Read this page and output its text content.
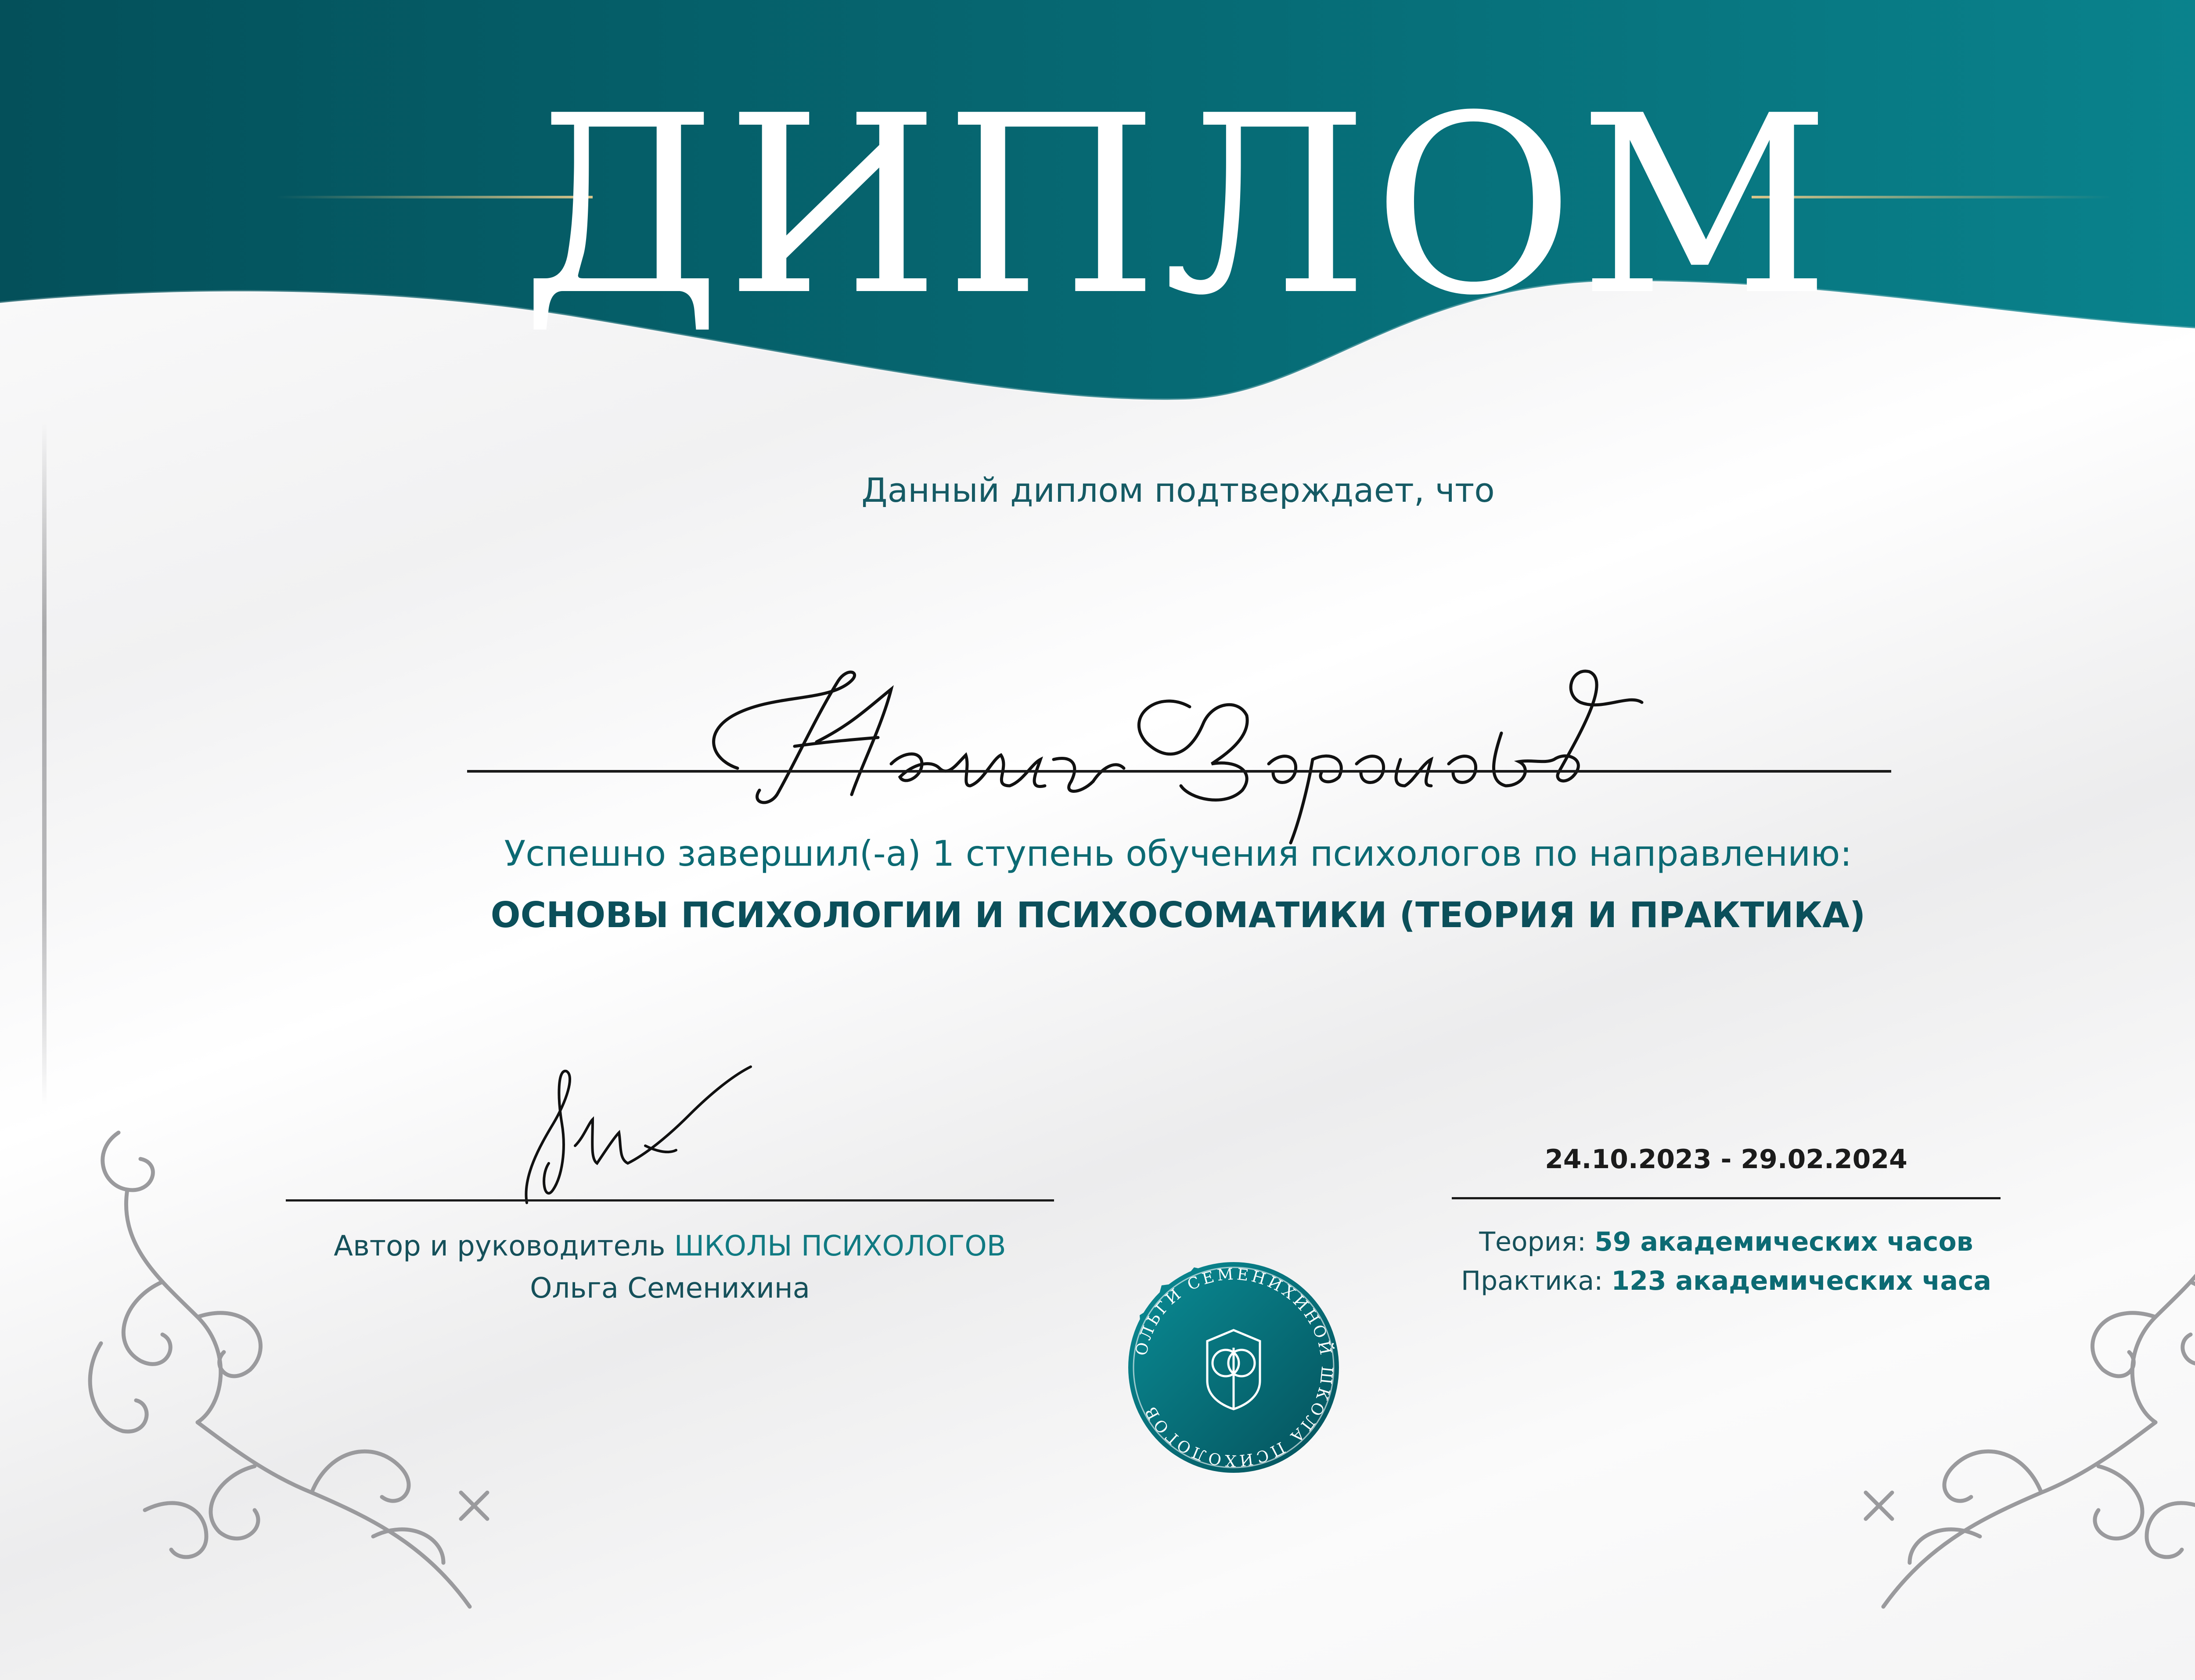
ДИПЛОМ
Данный диплом подтверждает, что
Успешно завершил(-а) 1 ступень обучения психологов по направлению:
ОСНОВЫ ПСИХОЛОГИИ И ПСИХОСОМАТИКИ (ТЕОРИЯ И ПРАКТИКА)
Автор и руководитель ШКОЛЫ ПСИХОЛОГОВ
Ольга Семенихина
24.10.2023 - 29.02.2024
Теория: 59 академических часов
Практика: 123 академических часа
ОЛЬГИ СЕМЕНИХИНОЙ ШКОЛА ПСИХОЛОГОВ
